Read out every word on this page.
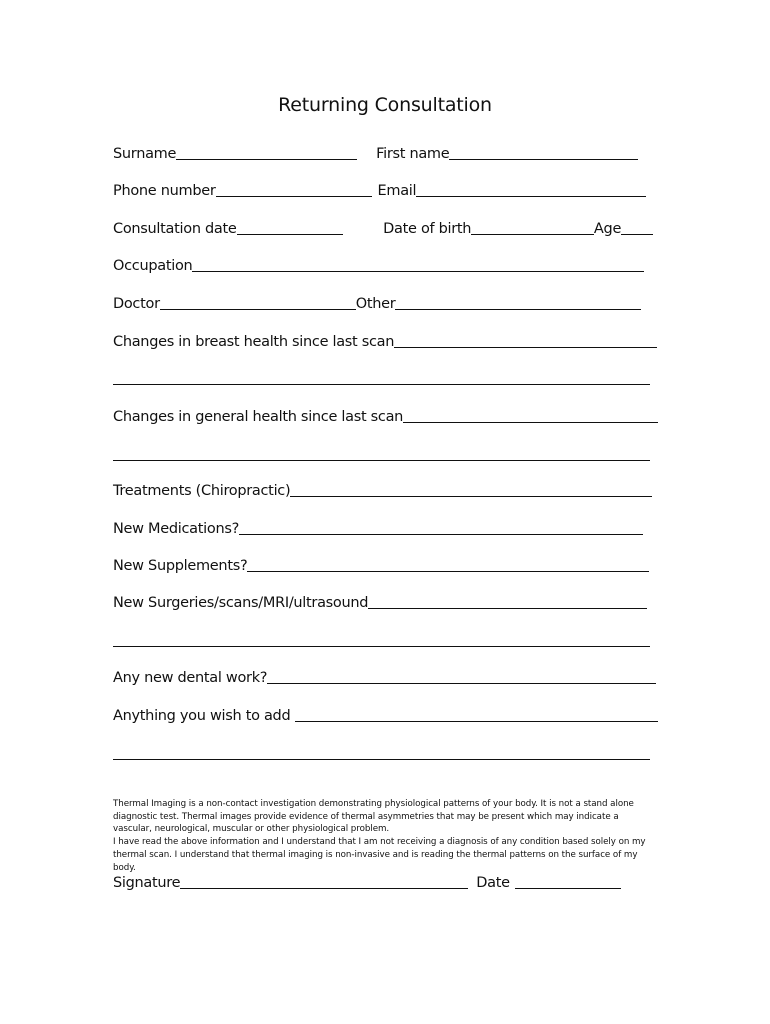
Returning Consultation
Surname	First name
Phone number	Email
Consultation date	Date of birth	Age
Occupation
Doctor	Other
Changes in breast health since last scan
Changes in general health since last scan
Treatments (Chiropractic)
New Medications?
New Supplements?
New Surgeries/scans/MRI/ultrasound
Any new dental work?
Anything you wish to add

Thermal Imaging is a non-contact investigation demonstrating physiological patterns of your body. It is not a stand alone diagnostic test. Thermal images provide evidence of thermal asymmetries that may be present which may indicate a vascular, neurological, muscular or other physiological problem.

I have read the above information and I understand that I am not receiving a diagnosis of any condition based solely on my thermal scan. I understand that thermal imaging is non-invasive and is reading the thermal patterns on the surface of my body.

Signature	Date
